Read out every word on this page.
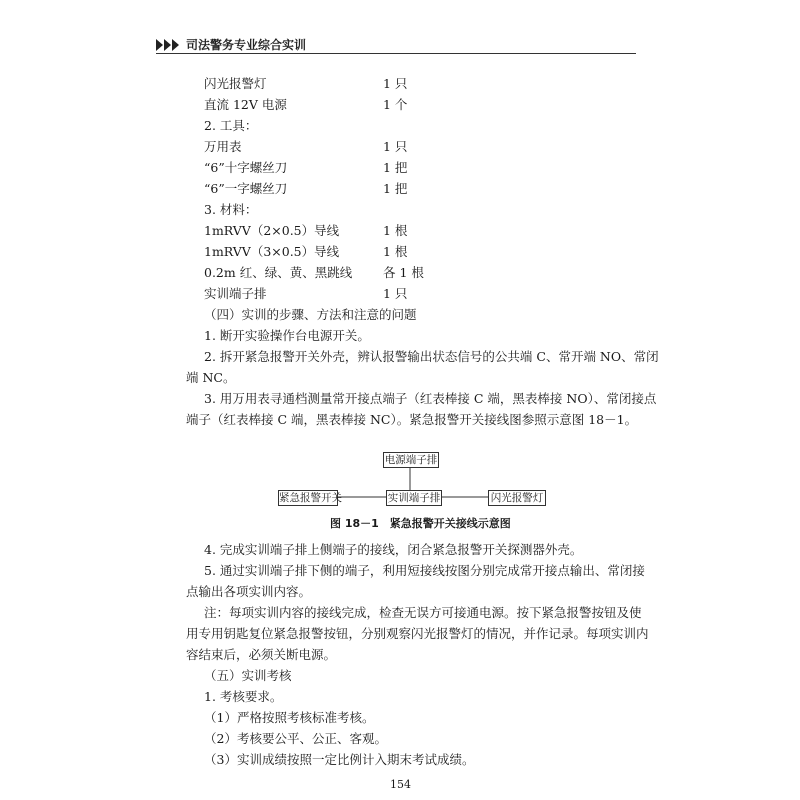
司法警务专业综合实训
闪光报警灯	1 只
直流 12V 电源	1 个
2. 工具：
万用表	1 只
“6”十字螺丝刀	1 把
“6”一字螺丝刀	1 把
3. 材料：
1mRVV（2×0.5）导线	1 根
1mRVV（3×0.5）导线	1 根
0.2m 红、绿、黄、黑跳线 各 1 根
实训端子排	1 只
（四）实训的步骤、方法和注意的问题
1. 断开实验操作台电源开关。
2. 拆开紧急报警开关外壳，辨认报警输出状态信号的公共端 C、常开端 NO、常闭
端 NC。
3. 用万用表寻通档测量常开接点端子（红表棒接 C 端，黑表棒接 NO）、常闭接点
端子（红表棒接 C 端，黑表棒接 NC）。紧急报警开关接线图参照示意图 18－1。
电源端子排
紧急报警开关	实训端子排	闪光报警灯
图 18－1　紧急报警开关接线示意图
4. 完成实训端子排上侧端子的接线，闭合紧急报警开关探测器外壳。
5. 通过实训端子排下侧的端子，利用短接线按图分别完成常开接点输出、常闭接
点输出各项实训内容。
注：每项实训内容的接线完成，检查无误方可接通电源。按下紧急报警按钮及使
用专用钥匙复位紧急报警按钮，分别观察闪光报警灯的情况，并作记录。每项实训内
容结束后，必须关断电源。
（五）实训考核
1. 考核要求。
（1）严格按照考核标准考核。
（2）考核要公平、公正、客观。
（3）实训成绩按照一定比例计入期末考试成绩。
154
